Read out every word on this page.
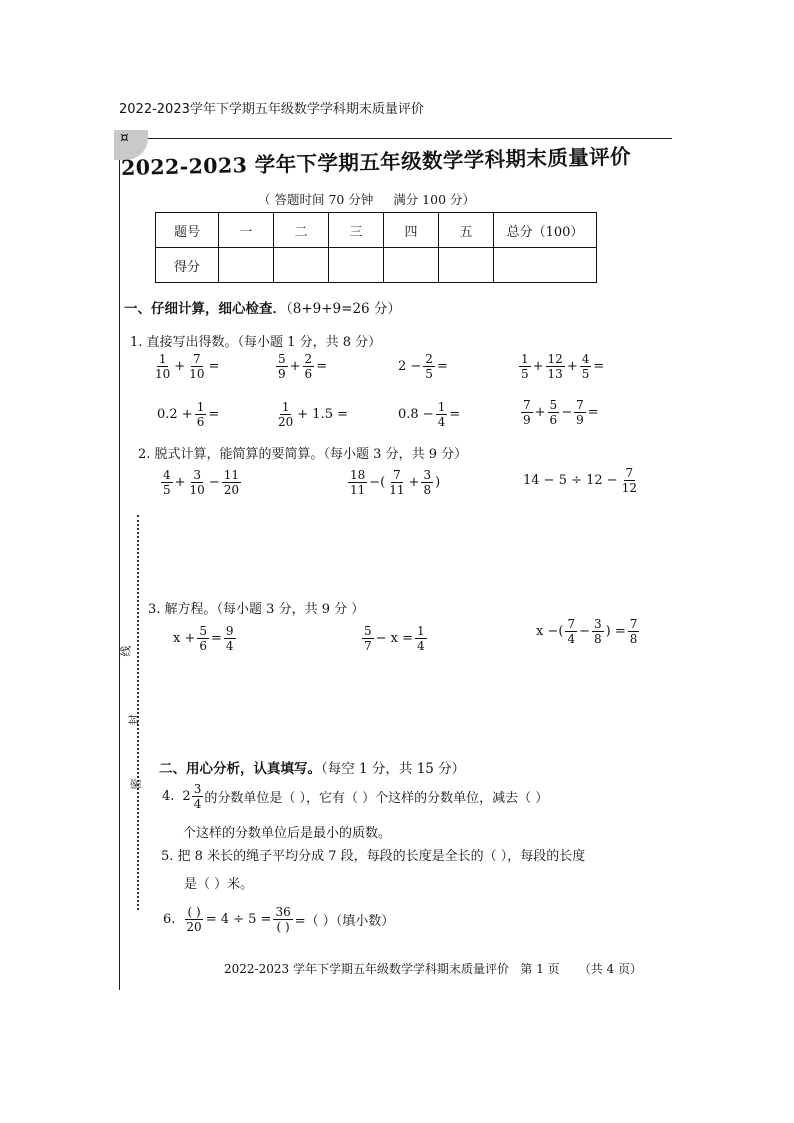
2022-2023学年下学期五年级数学学科期末质量评价
¤
2022-2023 学年下学期五年级数学学科期末质量评价
（ 答题时间 70 分钟     满分 100 分）
题号	一	二	三	四	五	总分（100）
得分						
一、仔细计算，细心检查．（8+9+9=26 分）
1. 直接写出得数。（每小题 1 分，共 8 分）
$\frac{1}{10} + \frac{7}{10}$ =	$\frac{5}{9} + \frac{2}{6}$ =	$2 - \frac{2}{5}$ =	$\frac{1}{5} + \frac{12}{13} + \frac{4}{5}$ =
$0.2 + \frac{1}{6}$ =	$\frac{1}{20} + 1.5$ =	$0.8 - \frac{1}{4}$ =	$\frac{7}{9} + \frac{5}{6} - \frac{7}{9}$ =
2. 脱式计算，能简算的要简算。（每小题 3 分，共 9 分）
$\frac{4}{5} + \frac{3}{10} - \frac{11}{20}$	$\frac{18}{11}$ −( $\frac{7}{11} + \frac{3}{8}$ )	$14 - 5 \div 12 - \frac{7}{12}$
3. 解方程。（每小题 3 分，共 9 分 ）
$x + \frac{5}{6} = \frac{9}{4}$	$\frac{5}{7} - x = \frac{1}{4}$	x −( $\frac{7}{4} - \frac{3}{8}$ ) = $\frac{7}{8}$
线
封
密
二、用心分析，认真填写。（每空 1 分，共 15 分）
4. $2 \frac{3}{4}$ 的分数单位是（ ），它有（ ）个这样的分数单位，减去（ ）
个这样的分数单位后是最小的质数。
5. 把 8 米长的绳子平均分成 7 段，每段的长度是全长的（ ），每段的长度
是（ ）米。
6. $\frac{( )}{20} = 4 \div 5 = \frac{36}{( )}$ =（ ）（填小数）
2022-2023 学年下学期五年级数学学科期末质量评价   第 1 页     （共 4 页）
